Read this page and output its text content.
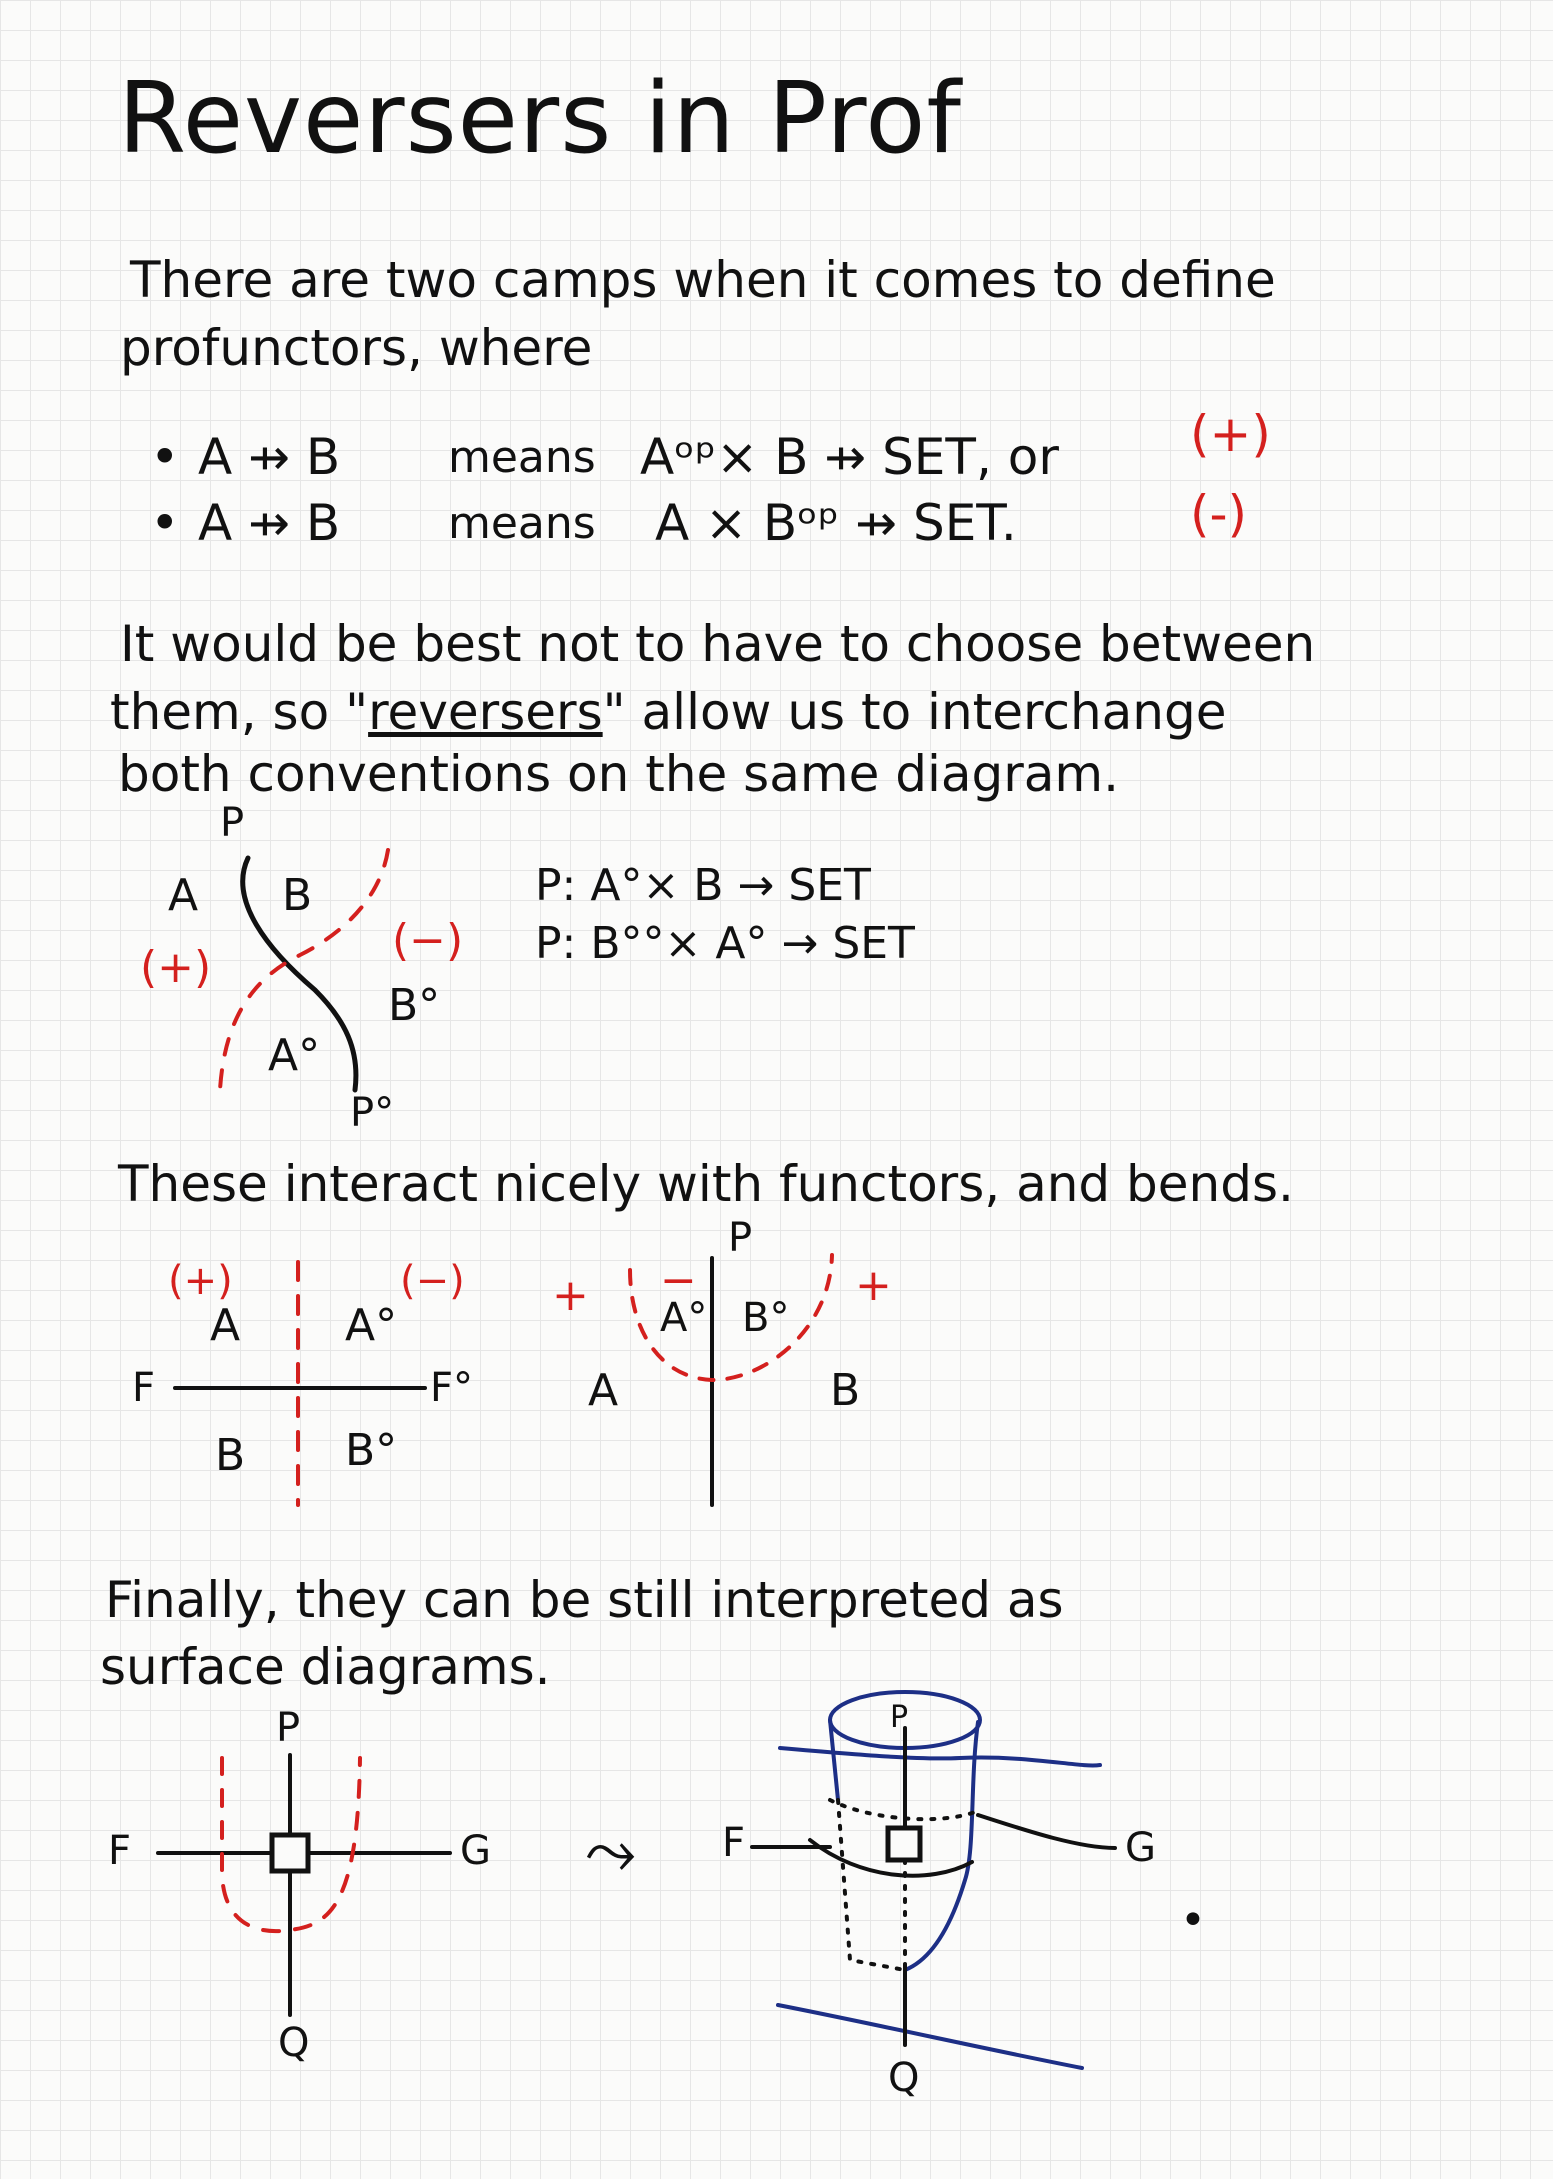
Reversers in Prof
There are two camps when it comes to define
profunctors, where
• A ⇸ B means Aᵒᵖ× B ⇸ SET, or	(+)
• A ⇸ B means A × Bᵒᵖ ⇸ SET.	(-)
It would be best not to have to choose between
them, so "reversers" allow us to interchange
both conventions on the same diagram.
P
A B
(+)
(−)
B°
A°
P°
P: A°× B → SET
P: B°°× A° → SET
These interact nicely with functors, and bends.
(+)	(−)
A A°
F	F°
B B°
P
+ −	+
A° B°
A	B
Finally, they can be still interpreted as
surface diagrams.
P
F	G
Q
⤳
P
F	G
Q
•
